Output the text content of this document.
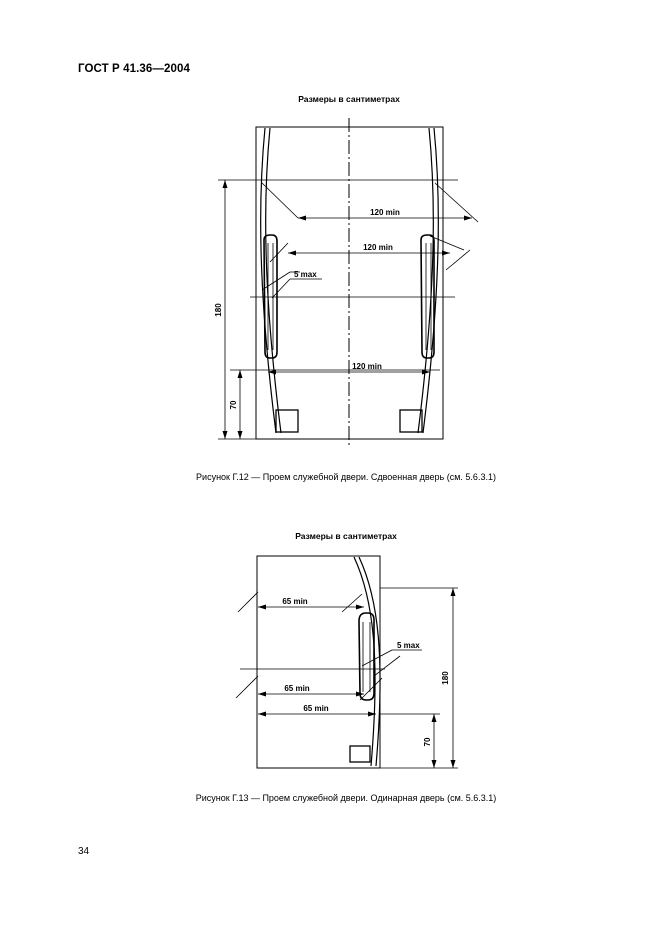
ГОСТ Р 41.36—2004
Размеры в сантиметрах
120 min
120 min
5 max
120 min
180
70
Рисунок Г.12 — Проем служебной двери. Сдвоенная дверь (см. 5.6.3.1)
Размеры в сантиметрах
65 min
65 min
5 max
65 min
180
70
Рисунок Г.13 — Проем служебной двери. Одинарная дверь (см. 5.6.3.1)
34
